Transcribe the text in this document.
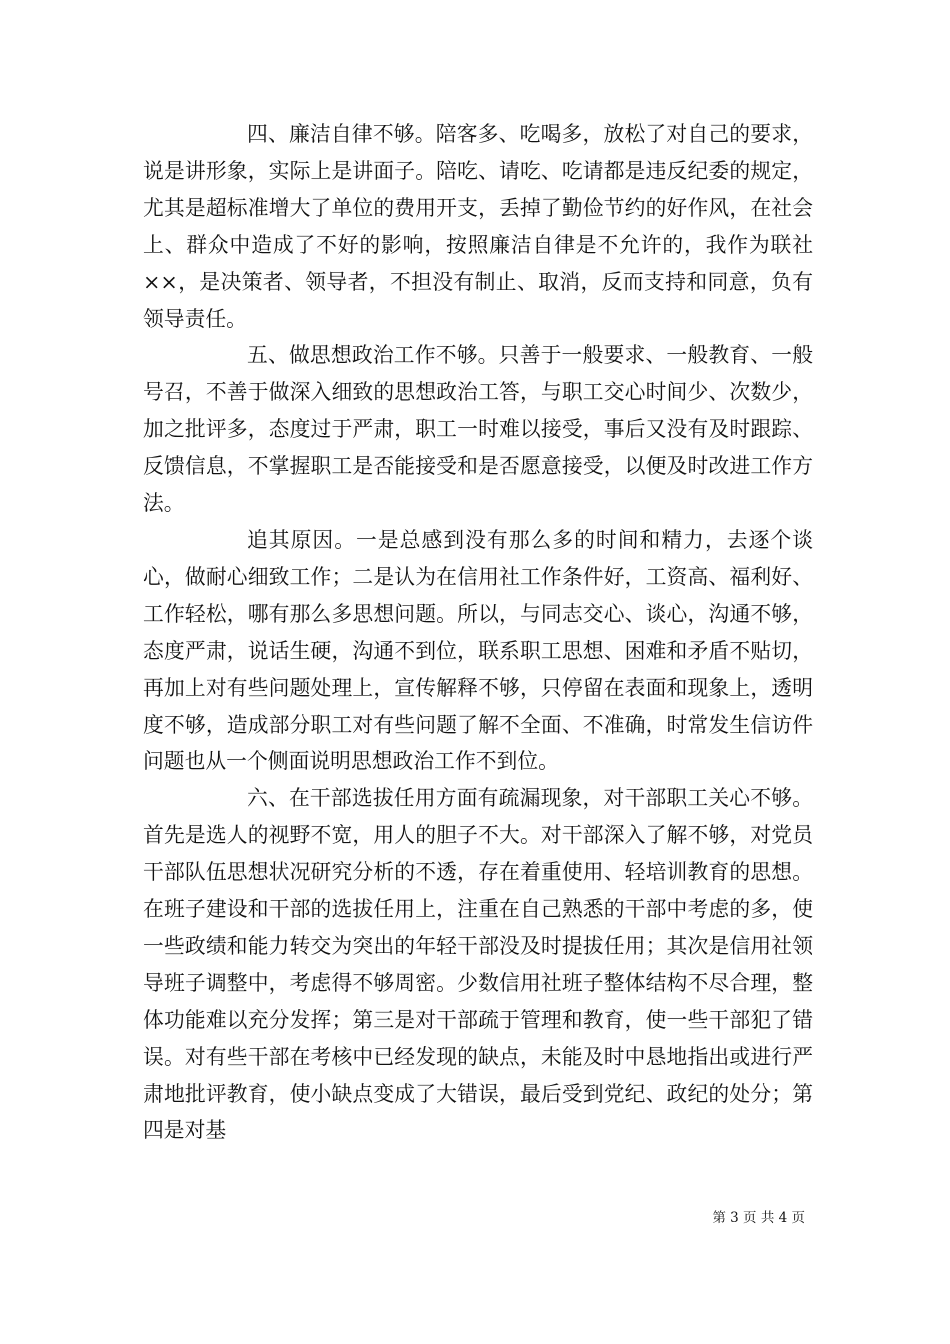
四、廉洁自律不够。陪客多、吃喝多，放松了对自己的要求，说是讲形象，实际上是讲面子。陪吃、请吃、吃请都是违反纪委的规定，尤其是超标准增大了单位的费用开支，丢掉了勤俭节约的好作风，在社会上、群众中造成了不好的影响，按照廉洁自律是不允许的，我作为联社××，是决策者、领导者，不担没有制止、取消，反而支持和同意，负有领导责任。

五、做思想政治工作不够。只善于一般要求、一般教育、一般号召，不善于做深入细致的思想政治工答，与职工交心时间少、次数少，加之批评多，态度过于严肃，职工一时难以接受，事后又没有及时跟踪、反馈信息，不掌握职工是否能接受和是否愿意接受，以便及时改进工作方法。

追其原因。一是总感到没有那么多的时间和精力，去逐个谈心，做耐心细致工作；二是认为在信用社工作条件好，工资高、福利好、工作轻松，哪有那么多思想问题。所以，与同志交心、谈心，沟通不够，态度严肃，说话生硬，沟通不到位，联系职工思想、困难和矛盾不贴切，再加上对有些问题处理上，宣传解释不够，只停留在表面和现象上，透明度不够，造成部分职工对有些问题了解不全面、不准确，时常发生信访件问题也从一个侧面说明思想政治工作不到位。

六、在干部选拔任用方面有疏漏现象，对干部职工关心不够。首先是选人的视野不宽，用人的胆子不大。对干部深入了解不够，对党员干部队伍思想状况研究分析的不透，存在着重使用、轻培训教育的思想。在班子建设和干部的选拔任用上，注重在自己熟悉的干部中考虑的多，使一些政绩和能力转交为突出的年轻干部没及时提拔任用；其次是信用社领导班子调整中，考虑得不够周密。少数信用社班子整体结构不尽合理，整体功能难以充分发挥；第三是对干部疏于管理和教育，使一些干部犯了错误。对有些干部在考核中已经发现的缺点，未能及时中恳地指出或进行严肃地批评教育，使小缺点变成了大错误，最后受到党纪、政纪的处分；第四是对基

第 3 页 共 4 页
